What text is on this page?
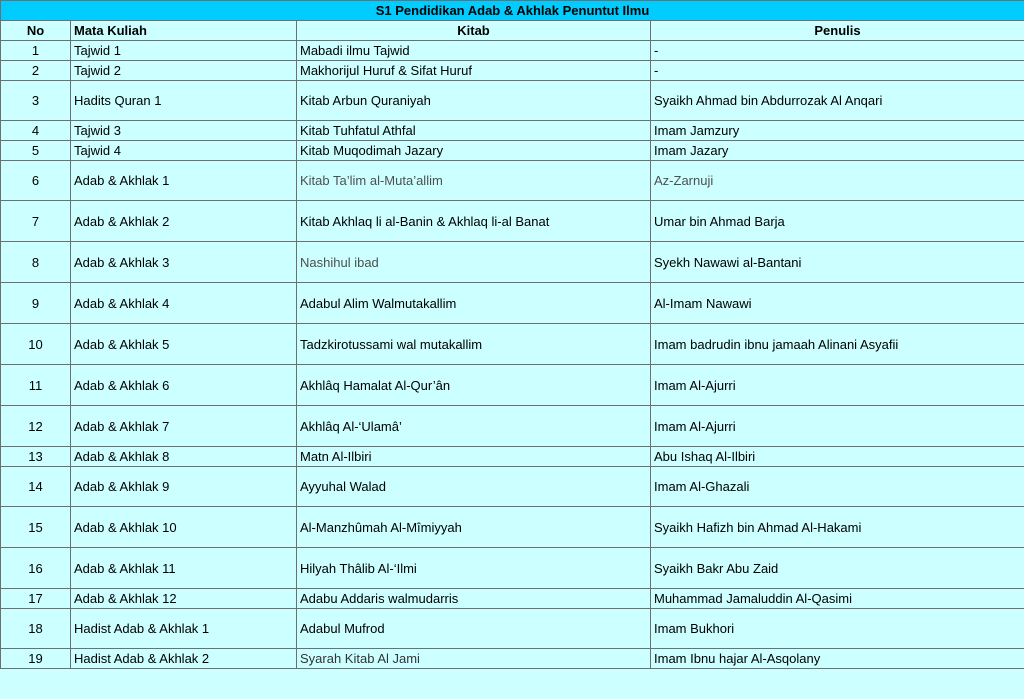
S1 Pendidikan Adab & Akhlak Penuntut Ilmu			
No	Mata Kuliah	Kitab	Penulis
1	Tajwid 1	Mabadi ilmu Tajwid	-
2	Tajwid 2	Makhorijul Huruf & Sifat Huruf	-
3	Hadits Quran 1	Kitab Arbun Quraniyah	Syaikh Ahmad bin Abdurrozak Al Anqari
4	Tajwid 3	Kitab Tuhfatul Athfal	Imam Jamzury
5	Tajwid 4	Kitab Muqodimah Jazary	Imam Jazary
6	Adab & Akhlak 1	Kitab Ta’lim al-Muta’allim	Az-Zarnuji
7	Adab & Akhlak 2	Kitab Akhlaq li al-Banin & Akhlaq li-al Banat	Umar bin Ahmad Barja
8	Adab & Akhlak 3	Nashihul ibad	Syekh Nawawi al-Bantani
9	Adab & Akhlak 4	Adabul Alim Walmutakallim	Al-Imam Nawawi
10	Adab & Akhlak 5	Tadzkirotussami wal mutakallim	Imam badrudin ibnu jamaah Alinani Asyafii
11	Adab & Akhlak 6	Akhlâq Hamalat Al-Qur’ân	Imam Al-Ajurri
12	Adab & Akhlak 7	Akhlâq Al-‘Ulamâ’	Imam Al-Ajurri
13	Adab & Akhlak 8	Matn Al-Ilbiri	Abu Ishaq Al-Ilbiri
14	Adab & Akhlak 9	Ayyuhal Walad	Imam Al-Ghazali
15	Adab & Akhlak 10	Al-Manzhûmah Al-Mîmiyyah	Syaikh Hafizh bin Ahmad Al-Hakami
16	Adab & Akhlak 11	Hilyah Thâlib Al-‘Ilmi	Syaikh Bakr Abu Zaid
17	Adab & Akhlak 12	Adabu Addaris walmudarris	Muhammad Jamaluddin Al-Qasimi
18	Hadist Adab & Akhlak 1	Adabul Mufrod	Imam Bukhori
19	Hadist Adab & Akhlak 2	Syarah Kitab Al Jami	Imam Ibnu hajar Al-Asqolany
